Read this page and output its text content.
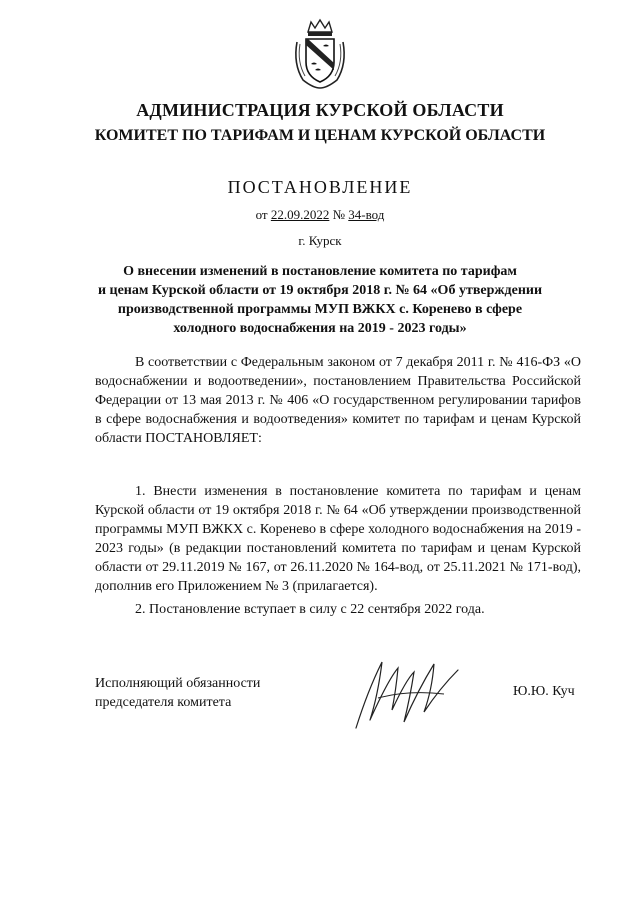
АДМИНИСТРАЦИЯ КУРСКОЙ ОБЛАСТИ
КОМИТЕТ ПО ТАРИФАМ И ЦЕНАМ КУРСКОЙ ОБЛАСТИ
ПОСТАНОВЛЕНИЕ
от 22.09.2022 № 34-вод
г. Курск
О внесении изменений в постановление комитета по тарифам
и ценам Курской области от 19 октября 2018 г. № 64 «Об утверждении
производственной программы МУП ВЖКХ с. Коренево в сфере
холодного водоснабжения на 2019 - 2023 годы»

В соответствии с Федеральным законом от 7 декабря 2011 г. № 416-ФЗ «О водоснабжении и водоотведении», постановлением Правительства Российской Федерации от 13 мая 2013 г. № 406 «О государственном регулировании тарифов в сфере водоснабжения и водоотведения» комитет по тарифам и ценам Курской области ПОСТАНОВЛЯЕТ:

1. Внести изменения в постановление комитета по тарифам и ценам Курской области от 19 октября 2018 г. № 64 «Об утверждении производственной программы МУП ВЖКХ с. Коренево в сфере холодного водоснабжения на 2019 - 2023 годы» (в редакции постановлений комитета по тарифам и ценам Курской области от 29.11.2019 № 167, от 26.11.2020 № 164-вод, от 25.11.2021 № 171-вод), дополнив его Приложением № 3 (прилагается).

2. Постановление вступает в силу с 22 сентября 2022 года.

Исполняющий обязанности
председателя комитета
Ю.Ю. Куч
